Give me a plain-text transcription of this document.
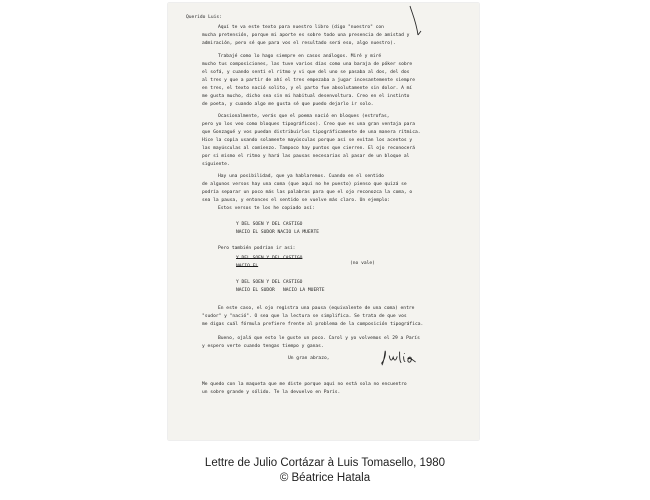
Querido Luis:

Aquí te va este texto para nuestro libro (digo "nuestro" con

mucha pretensión, porque mi aporte es sobre todo una presencia de amistad y

admiración, pero sé que para vos el resultado será eso, algo nuestro).

Trabajé como lo hago siempre en casos análogos. Miré y miré

mucho tus composiciones, las tuve varios días como una baraja de póker sobre

el sofá, y cuando sentí el ritmo y vi que del uno se pasaba al dos, del dos

al tres y que a partir de ahí el tres empezaba a jugar incesantemente siempre

en tres, el texto nació solito, y el parto fue absolutamente sin dolor. A mí

me gusta mucho, dicho sea sin mi habitual desenvoltura. Creo en el instinto

de poeta, y cuando algo me gusta sé que puedo dejarlo ir solo.

Ocasionalmente, verás que el poema nació en bloques (estrofas,

pero yo los veo como bloques tipográficos). Creo que es una gran ventaja para

que Gonzagué y vos puedan distribuirlos tipográficamente de una manera rítmica.

Hice la copia usando solamente mayúsculas porque así se evitan los acentos y

las mayúsculas al comienzo. Tampoco hay puntos que cierren. El ojo reconocerá

por sí mismo el ritmo y hará las pausas necesarias al pasar de un bloque al

siguiente.

Hay una posibilidad, que ya hablaremos. Cuando en el sentido

de algunos versos hay una coma (que aquí no he puesto) pienso que quizá se

podría separar un poco más las palabras para que el ojo reconozca la coma, o

sea la pausa, y entonces el sentido se vuelve más claro. Un ejemplo:

Estos versos te los he copiado así:

Y DEL SOEN Y DEL CASTIGO

NACIO EL SUDOR NACIO LA MUERTE

Pero también podrían ir así:

Y DEL SOEN Y DEL CASTIGO

NACIO EL

(no vale)

Y DEL SOEN Y DEL CASTIGO

NACIO EL SUDOR   NACIO LA MUERTE

En este caso, el ojo registra una pausa (equivalente de una coma) entre

"sudor" y "nació". O sea que la lectura se simplifica. Se trata de que vos

me digas cuál fórmula prefiere frente al problema de la composición tipográfica.

Bueno, ojalá que esto le guste un poco. Carol y yo volvemos el 29 a París

y espero verte cuando tengas tiempo y ganas.

Un gran abrazo,

Me quedo con la maqueta que me diste porque aquí no está sola no encuentro

un sobre grande y sólido. Te la devuelvo en París.

Lettre de Julio Cortázar à Luis Tomasello, 1980
© Béatrice Hatala
